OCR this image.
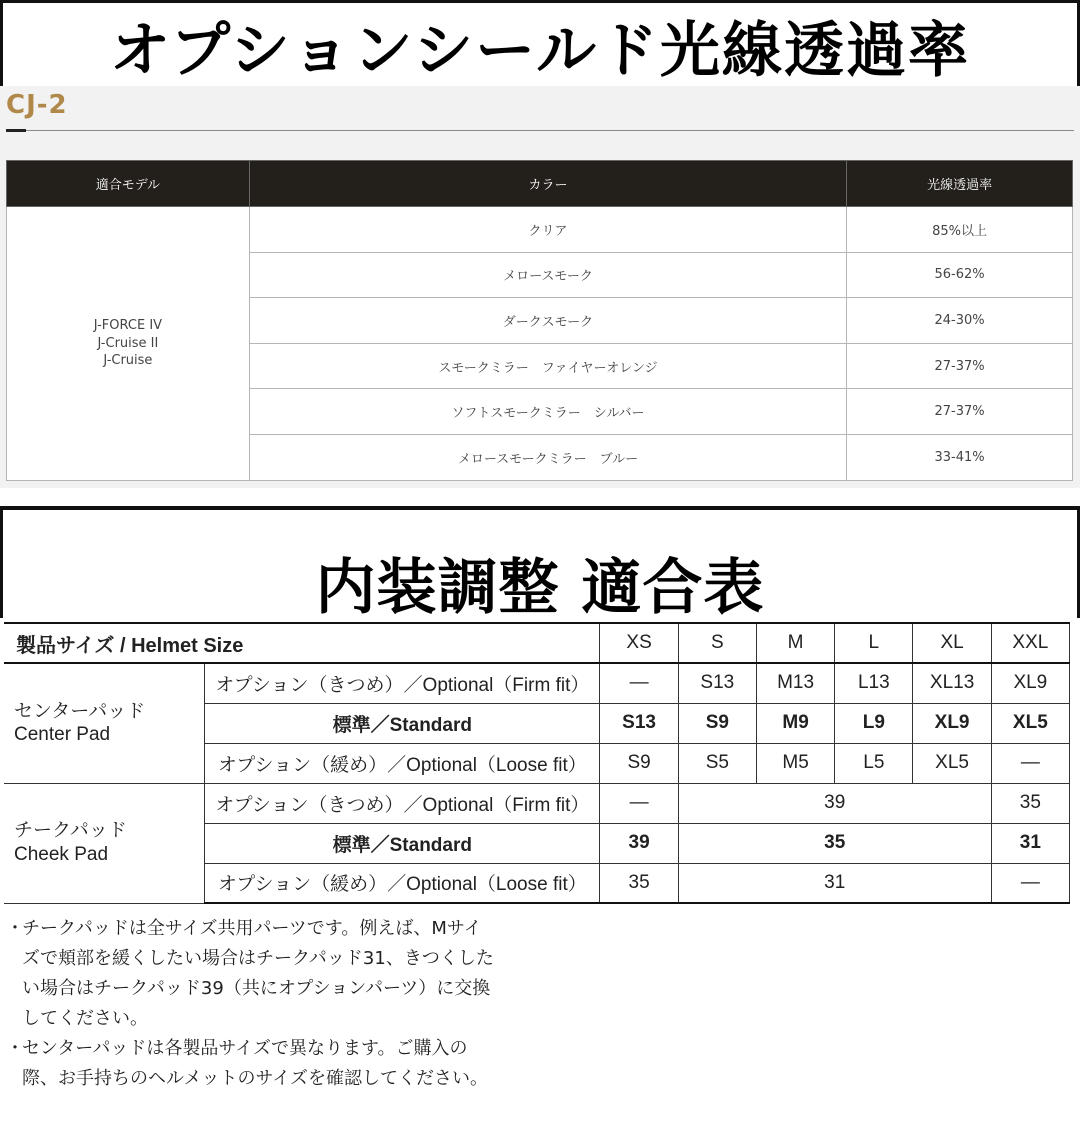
オプションシールド光線透過率
CJ-2
適合モデル	カラー	光線透過率

J-FORCE IV
J-Cruise II
J-Cruise	クリア	85%以上
	メロースモーク	56-62%
	ダークスモーク	24-30%
	スモークミラー　ファイヤーオレンジ	27-37%
	ソフトスモークミラー　シルバー	27-37%
	メロースモークミラー　ブルー	33-41%
内装調整 適合表
製品サイズ / Helmet Size		XS	S	M	L	XL	XXL

センターパッド
Center Pad	オプション（きつめ）／Optional（Firm fit）	—	S13	M13	L13	XL13	XL9
	標準／Standard	S13	S9	M9	L9	XL9	XL5
	オプション（緩め）／Optional（Loose fit）	S9	S5	M5	L5	XL5	—

チークパッド
Cheek Pad	オプション（きつめ）／Optional（Firm fit）	—	39				35
	標準／Standard	39	35				31
	オプション（緩め）／Optional（Loose fit）	35	31				—
・
チークパッドは全サイズ共用パーツです。例えば、Mサイ
ズで頬部を緩くしたい場合はチークパッド31、きつくした
い場合はチークパッド39（共にオプションパーツ）に交換
してください。
・
センターパッドは各製品サイズで異なります。ご購入の
際、お手持ちのヘルメットのサイズを確認してください。
